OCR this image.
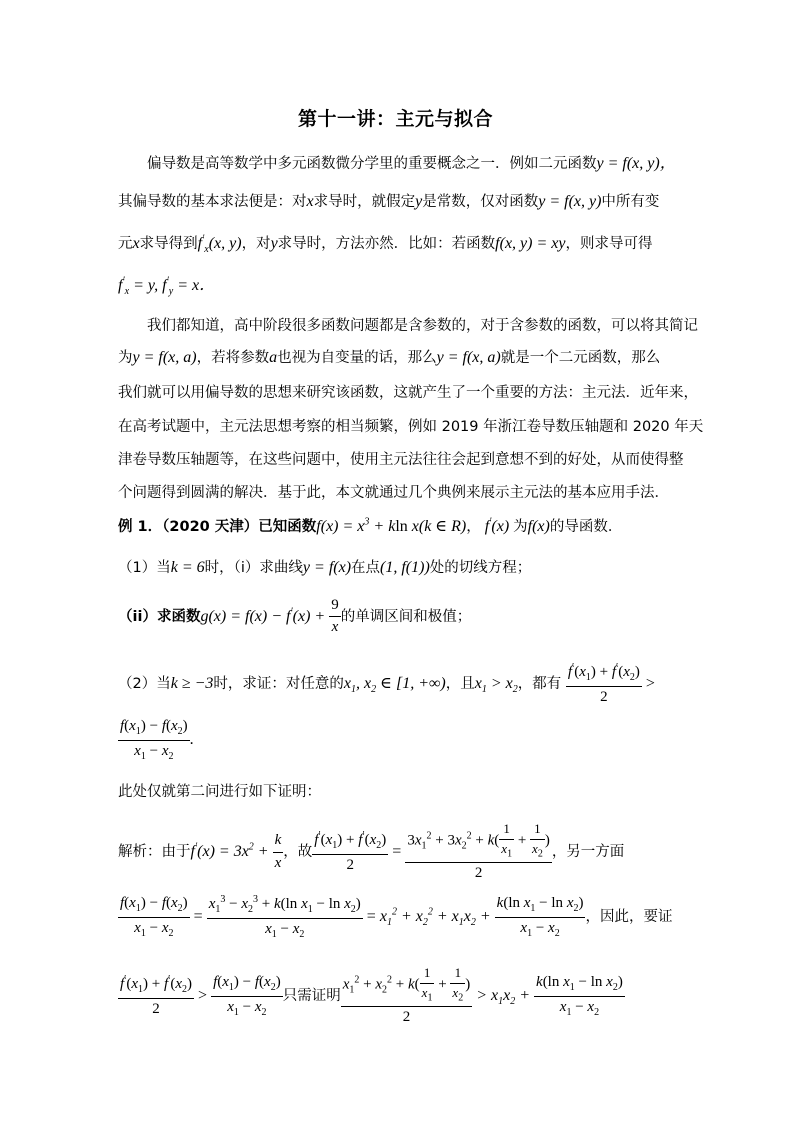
第十一讲：主元与拟合
偏导数是高等数学中多元函数微分学里的重要概念之一．例如二元函数y = f(x, y)，
其偏导数的基本求法便是：对x求导时，就假定y是常数，仅对函数y = f(x, y)中所有变
元x求导得到$f'_x(x$, y)，对y求导时，方法亦然．比如：若函数f(x, y) = xy，则求导可得
$f'_x = y$, $f'_y = x$．
我们都知道，高中阶段很多函数问题都是含参数的，对于含参数的函数，可以将其简记
为y = f(x, a)，若将参数a也视为自变量的话，那么y = f(x, a)就是一个二元函数，那么
我们就可以用偏导数的思想来研究该函数，这就产生了一个重要的方法：主元法．近年来，
在高考试题中，主元法思想考察的相当频繁，例如 2019 年浙江卷导数压轴题和 2020 年天
津卷导数压轴题等，在这些问题中，使用主元法往往会起到意想不到的好处，从而使得整
个问题得到圆满的解决．基于此，本文就通过几个典例来展示主元法的基本应用手法．
例 1．（2020 天津）已知函数$f(x) = x^3 + kln$ x(k ∈ R)， f′(x) 为f(x)的导函数．
（1）当k = 6时，（i）求曲线y = f(x)在点(1, f(1))处的切线方程；
（ii）求函数$g(x) = f(x) - f'(x) + \frac{9}{x}$ 的单调区间和极值；
（2）当k ≥ −3时，求证：对任意的$x_1$, $x_2$ ∈ [1, +∞)，且$x_1 > x_2$，都有 $\frac{f'(x_1) + f'(x_2)}{2}$ >
$\frac{f(x_1) - f(x_2)}{x_1 - x_2}$ .
此处仅就第二问进行如下证明：
解析：由于$f'(x) = 3x^2 + \frac{k}{x}$ ，故 $\frac{f'(x_1) + f'(x_2)}{2} = \frac{3x_1^2 + 3x_2^2 + k( \frac{1}{x_1} + \frac{1}{x_2} )}{2}$ ，另一方面
$\frac{f(x_1) - f(x_2)}{x_1 - x_2} = \frac{x_1^3 - x_2^3 + k(\ln x_1 - \ln x_2)}{x_1 - x_2} = x_1^2 + x_2^2 + x_1x_2 + \frac{k(\ln x_1 - \ln x_2)}{x_1 - x_2}$ ，因此，要证
$\frac{f'(x_1) + f'(x_2)}{2} > \frac{f(x_1) - f(x_2)}{x_1 - x_2}$ 只需证明 $\frac{x_1^2 + x_2^2 + k( \frac{1}{x_1} + \frac{1}{x_2} )}{2} > x_1x_2 + \frac{k(\ln x_1 - \ln x_2)}{x_1 - x_2}$
